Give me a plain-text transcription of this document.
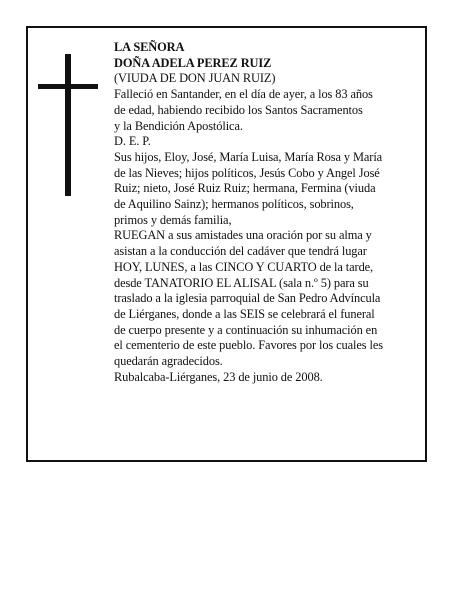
LA SEÑORA
DOÑA ADELA PEREZ RUIZ
(VIUDA DE DON JUAN RUIZ)
Falleció en Santander, en el día de ayer, a los 83 años
de edad, habiendo recibido los Santos Sacramentos
y la Bendición Apostólica.
D. E. P.
Sus hijos, Eloy, José, María Luisa, María Rosa y María
de las Nieves; hijos políticos, Jesús Cobo y Angel José
Ruiz; nieto, José Ruiz Ruiz; hermana, Fermina (viuda
de Aquilino Sainz); hermanos políticos, sobrinos,
primos y demás familia,
RUEGAN a sus amistades una oración por su alma y
asistan a la conducción del cadáver que tendrá lugar
HOY, LUNES, a las CINCO Y CUARTO de la tarde,
desde TANATORIO EL ALISAL (sala n.º 5) para su
traslado a la iglesia parroquial de San Pedro Advíncula
de Liérganes, donde a las SEIS se celebrará el funeral
de cuerpo presente y a continuación su inhumación en
el cementerio de este pueblo. Favores por los cuales les
quedarán agradecidos.
Rubalcaba-Liérganes, 23 de junio de 2008.
